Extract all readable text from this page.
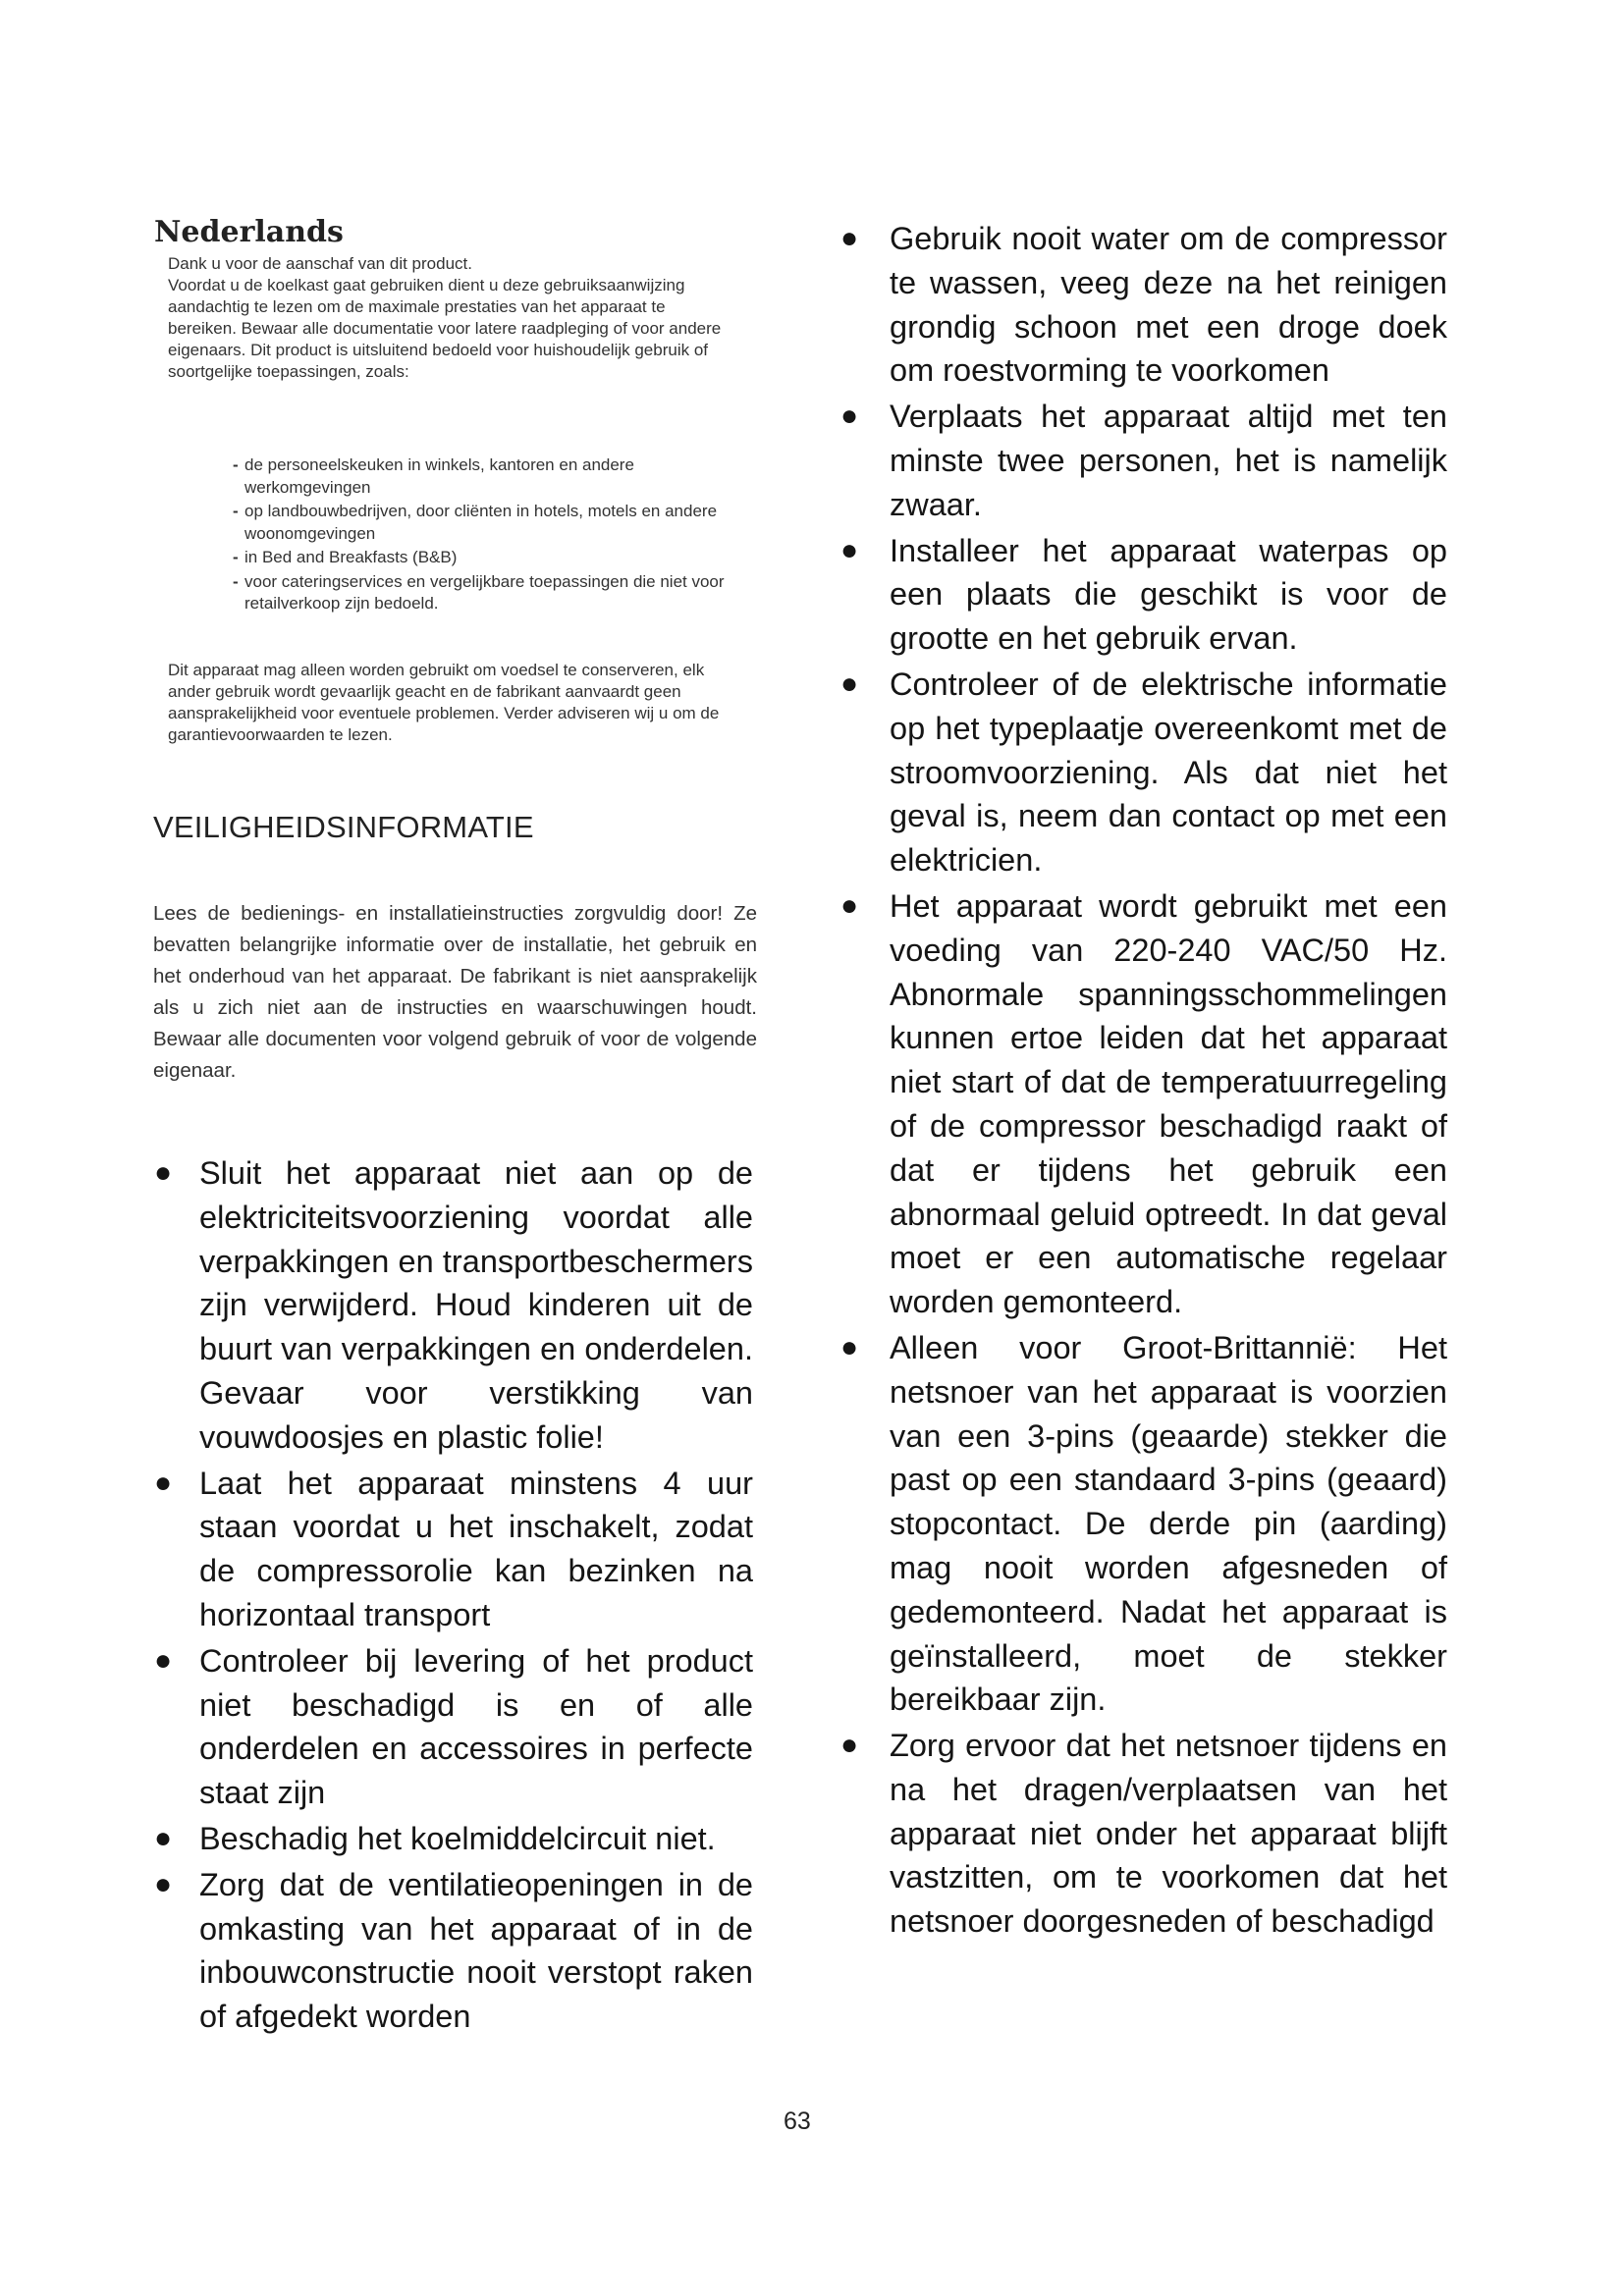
Nederlands

Dank u voor de aanschaf van dit product.

Voordat u de koelkast gaat gebruiken dient u deze gebruiksaanwijzing aandachtig te lezen om de maximale prestaties van het apparaat te bereiken. Bewaar alle documentatie voor latere raadpleging of voor andere eigenaars. Dit product is uitsluitend bedoeld voor huishoudelijk gebruik of soortgelijke toepassingen, zoals:

- de personeelskeuken in winkels, kantoren en andere werkomgevingen
- op landbouwbedrijven, door cliënten in hotels, motels en andere woonomgevingen
- in Bed and Breakfasts (B&B)
- voor cateringservices en vergelijkbare toepassingen die niet voor retailverkoop zijn bedoeld.
Dit apparaat mag alleen worden gebruikt om voedsel te conserveren, elk ander gebruik wordt gevaarlijk geacht en de fabrikant aanvaardt geen aansprakelijkheid voor eventuele problemen. Verder adviseren wij u om de garantievoorwaarden te lezen.
VEILIGHEIDSINFORMATIE
Lees de bedienings- en installatieinstructies zorgvuldig door! Ze bevatten belangrijke informatie over de installatie, het gebruik en het onderhoud van het apparaat. De fabrikant is niet aansprakelijk als u zich niet aan de instructies en waarschuwingen houdt. Bewaar alle documenten voor volgend gebruik of voor de volgende eigenaar.
● Sluit het apparaat niet aan op de elektriciteitsvoorziening voordat alle verpakkingen en transportbeschermers zijn verwijderd. Houd kinderen uit de buurt van verpakkingen en onderdelen. Gevaar voor verstikking van vouwdoosjes en plastic folie!
● Laat het apparaat minstens 4 uur staan voordat u het inschakelt, zodat de compressorolie kan bezinken na horizontaal transport
● Controleer bij levering of het product niet beschadigd is en of alle onderdelen en accessoires in perfecte staat zijn
● Beschadig het koelmiddelcircuit niet.
● Zorg dat de ventilatieopeningen in de omkasting van het apparaat of in de inbouwconstructie nooit verstopt raken of afgedekt worden
● Gebruik nooit water om de compressor te wassen, veeg deze na het reinigen grondig schoon met een droge doek om roestvorming te voorkomen
● Verplaats het apparaat altijd met ten minste twee personen, het is namelijk zwaar.
● Installeer het apparaat waterpas op een plaats die geschikt is voor de grootte en het gebruik ervan.
● Controleer of de elektrische informatie op het typeplaatje overeenkomt met de stroomvoorziening. Als dat niet het geval is, neem dan contact op met een elektricien.
● Het apparaat wordt gebruikt met een voeding van 220-240 VAC/50 Hz. Abnormale spanningsschommelingen kunnen ertoe leiden dat het apparaat niet start of dat de temperatuurregeling of de compressor beschadigd raakt of dat er tijdens het gebruik een abnormaal geluid optreedt. In dat geval moet er een automatische regelaar worden gemonteerd.
● Alleen voor Groot-Brittannië: Het netsnoer van het apparaat is voorzien van een 3-pins (geaarde) stekker die past op een standaard 3-pins (geaard) stopcontact. De derde pin (aarding) mag nooit worden afgesneden of gedemonteerd. Nadat het apparaat is geïnstalleerd, moet de stekker bereikbaar zijn.
● Zorg ervoor dat het netsnoer tijdens en na het dragen/verplaatsen van het apparaat niet onder het apparaat blijft vastzitten, om te voorkomen dat het netsnoer doorgesneden of beschadigd
63
